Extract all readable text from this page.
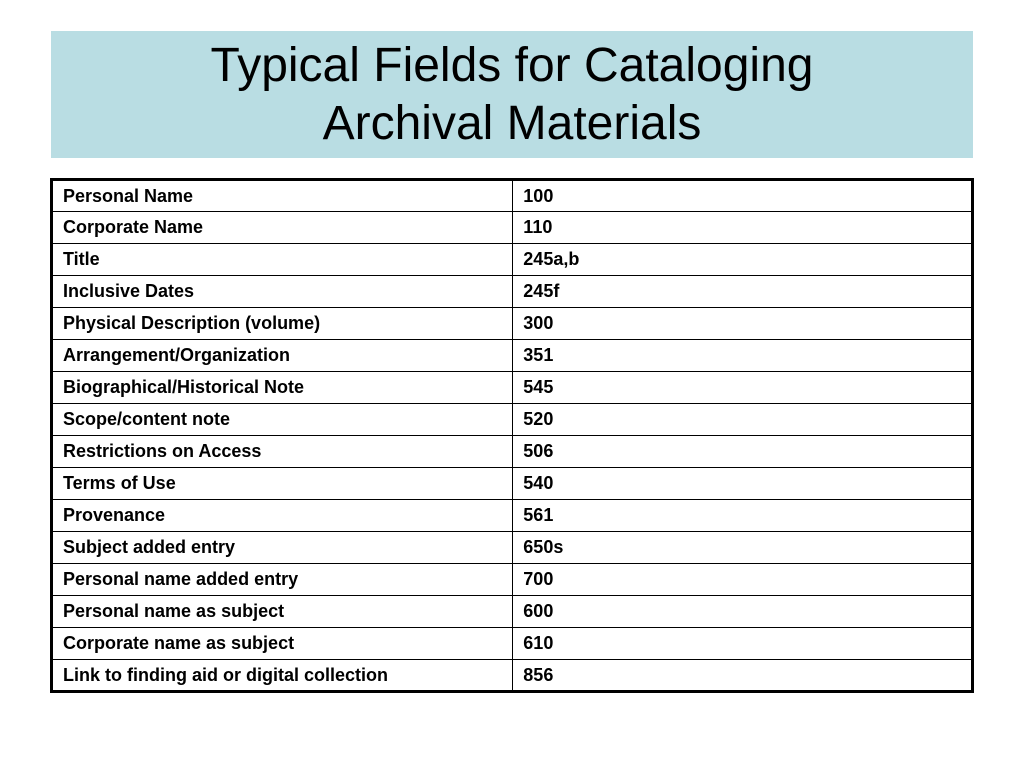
Typical Fields for Cataloging
Archival Materials
Personal Name	100
Corporate Name	110
Title	245a,b
Inclusive Dates	245f
Physical Description (volume)	300
Arrangement/Organization	351
Biographical/Historical Note	545
Scope/content note	520
Restrictions on Access	506
Terms of Use	540
Provenance	561
Subject added entry	650s
Personal name added entry	700
Personal name as subject	600
Corporate name as subject	610
Link to finding aid or digital collection	856
